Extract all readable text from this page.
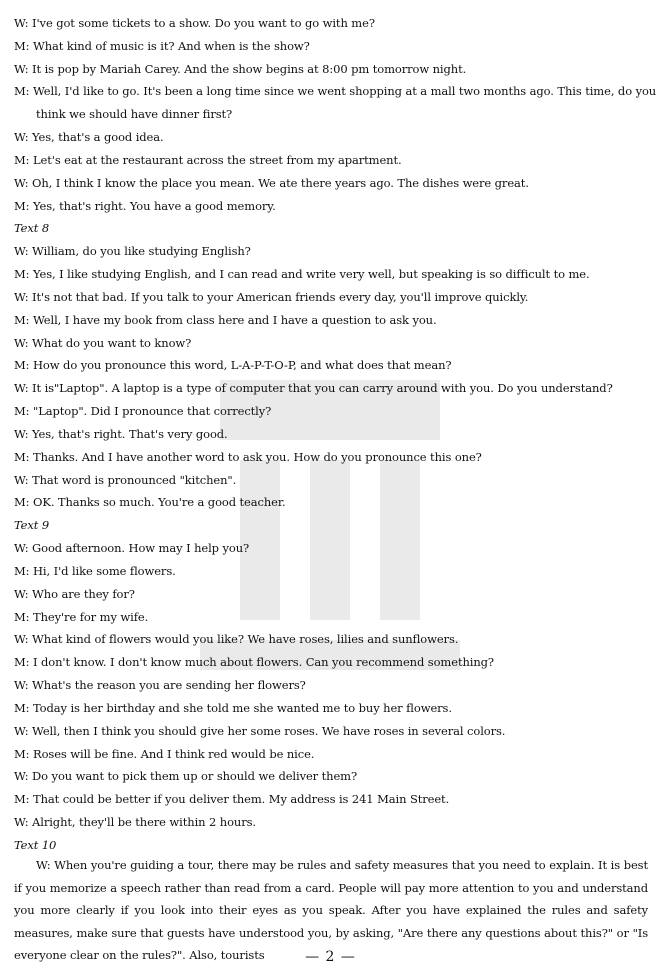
W: I've got some tickets to a show. Do you want to go with me?
M: What kind of music is it? And when is the show?
W: It is pop by Mariah Carey. And the show begins at 8:00 pm tomorrow night.
M: Well, I'd like to go. It's been a long time since we went shopping at a mall two months ago. This time, do you
think we should have dinner first?
W: Yes, that's a good idea.
M: Let's eat at the restaurant across the street from my apartment.
W: Oh, I think I know the place you mean. We ate there years ago. The dishes were great.
M: Yes, that's right. You have a good memory.
Text 8
W: William, do you like studying English?
M: Yes, I like studying English, and I can read and write very well, but speaking is so difficult to me.
W: It's not that bad. If you talk to your American friends every day, you'll improve quickly.
M: Well, I have my book from class here and I have a question to ask you.
W: What do you want to know?
M: How do you pronounce this word, L-A-P-T-O-P, and what does that mean?
W: It is"Laptop". A laptop is a type of computer that you can carry around with you. Do you understand?
M: "Laptop". Did I pronounce that correctly?
W: Yes, that's right. That's very good.
M: Thanks. And I have another word to ask you. How do you pronounce this one?
W: That word is pronounced "kitchen".
M: OK. Thanks so much. You're a good teacher.
Text 9
W: Good afternoon. How may I help you?
M: Hi, I'd like some flowers.
W: Who are they for?
M: They're for my wife.
W: What kind of flowers would you like? We have roses, lilies and sunflowers.
M: I don't know. I don't know much about flowers. Can you recommend something?
W: What's the reason you are sending her flowers?
M: Today is her birthday and she told me she wanted me to buy her flowers.
W: Well, then I think you should give her some roses. We have roses in several colors.
M: Roses will be fine. And I think red would be nice.
W: Do you want to pick them up or should we deliver them?
M: That could be better if you deliver them. My address is 241 Main Street.
W: Alright, they'll be there within 2 hours.
Text 10
W: When you're guiding a tour, there may be rules and safety measures that you need to explain. It is best if you memorize a speech rather than read from a card. People will pay more attention to you and understand you more clearly if you look into their eyes as you speak. After you have explained the rules and safety measures, make sure that guests have understood you, by asking, "Are there any questions about this?" or "Is everyone clear on the rules?". Also, tourists	— 2 —
